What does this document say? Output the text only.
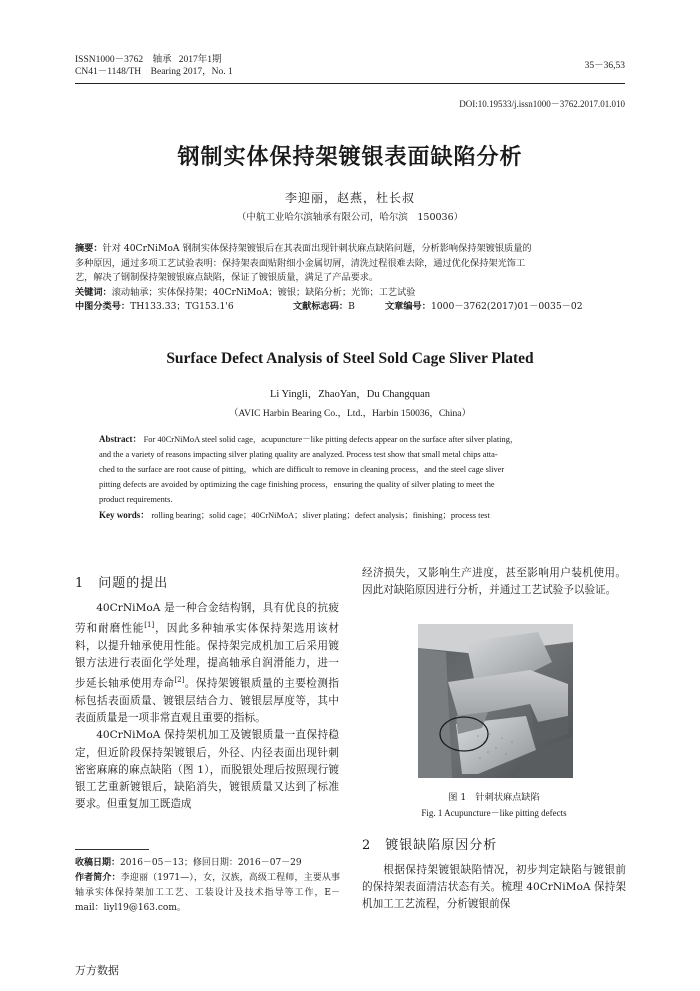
ISSN1000－3762 轴承 2017年1期
CN41－1148/TH Bearing 2017，No. 1
35－36,53
DOI:10.19533/j.issn1000－3762.2017.01.010
钢制实体保持架镀银表面缺陷分析
李迎丽，赵燕，杜长叔
（中航工业哈尔滨轴承有限公司，哈尔滨　150036）
摘要：针对 40CrNiMoA 钢制实体保持架镀银后在其表面出现针刺状麻点缺陷问题，分析影响保持架镀银质量的
多种原因，通过多项工艺试验表明：保持架表面贴附细小金属切屑，清洗过程很难去除，通过优化保持架光饰工
艺，解决了钢制保持架镀银麻点缺陷，保证了镀银质量，满足了产品要求。
关键词：滚动轴承；实体保持架；40CrNiMoA；镀银；缺陷分析；光饰；工艺试验
中图分类号：TH133.33；TG153.1'6	文献标志码：B	文章编号：1000－3762(2017)01－0035－02
Surface Defect Analysis of Steel Sold Cage Sliver Plated
Li Yingli，ZhaoYan，Du Changquan
（AVIC Harbin Bearing Co.，Ltd.，Harbin 150036，China）
Abstract： For 40CrNiMoA steel solid cage，acupuncture－like pitting defects appear on the surface after silver plating，
and the a variety of reasons impacting silver plating quality are analyzed. Process test show that small metal chips atta-
ched to the surface are root cause of pitting，which are difficult to remove in cleaning process，and the steel cage sliver
pitting defects are avoided by optimizing the cage finishing process，ensuring the quality of silver plating to meet the
product requirements.
Key words： rolling bearing；solid cage；40CrNiMoA；sliver plating；defect analysis；finishing；process test
1　问题的提出

40CrNiMoA 是一种合金结构钢，具有优良的抗疲劳和耐磨性能[1]，因此多种轴承实体保持架选用该材料，以提升轴承使用性能。保持架完成机加工后采用镀银方法进行表面化学处理，提高轴承自润滑能力，进一步延长轴承使用寿命[2]。保持架镀银质量的主要检测指标包括表面质量、镀银层结合力、镀银层厚度等，其中表面质量是一项非常直观且重要的指标。

40CrNiMoA 保持架机加工及镀银质量一直保持稳定，但近阶段保持架镀银后，外径、内径表面出现针刺密密麻麻的麻点缺陷（图 1），而脱银处理后按照现行镀银工艺重新镀银后，缺陷消失，镀银质量又达到了标准要求。但重复加工既造成

收稿日期：2016－05－13；修回日期：2016－07－29
作者简介：李迎丽（1971—），女，汉族，高级工程师，主要从事轴承实体保持架加工工艺、工装设计及技术指导等工作，E－mail：liyl19@163.com。
经济损失，又影响生产进度，甚至影响用户装机使用。因此对缺陷原因进行分析，并通过工艺试验予以验证。
图 1　针刺状麻点缺陷
Fig. 1 Acupuncture－like pitting defects
2　镀银缺陷原因分析

根据保持架镀银缺陷情况，初步判定缺陷与镀银前的保持架表面清洁状态有关。梳理 40CrNiMoA 保持架机加工工艺流程，分析镀银前保

万方数据
